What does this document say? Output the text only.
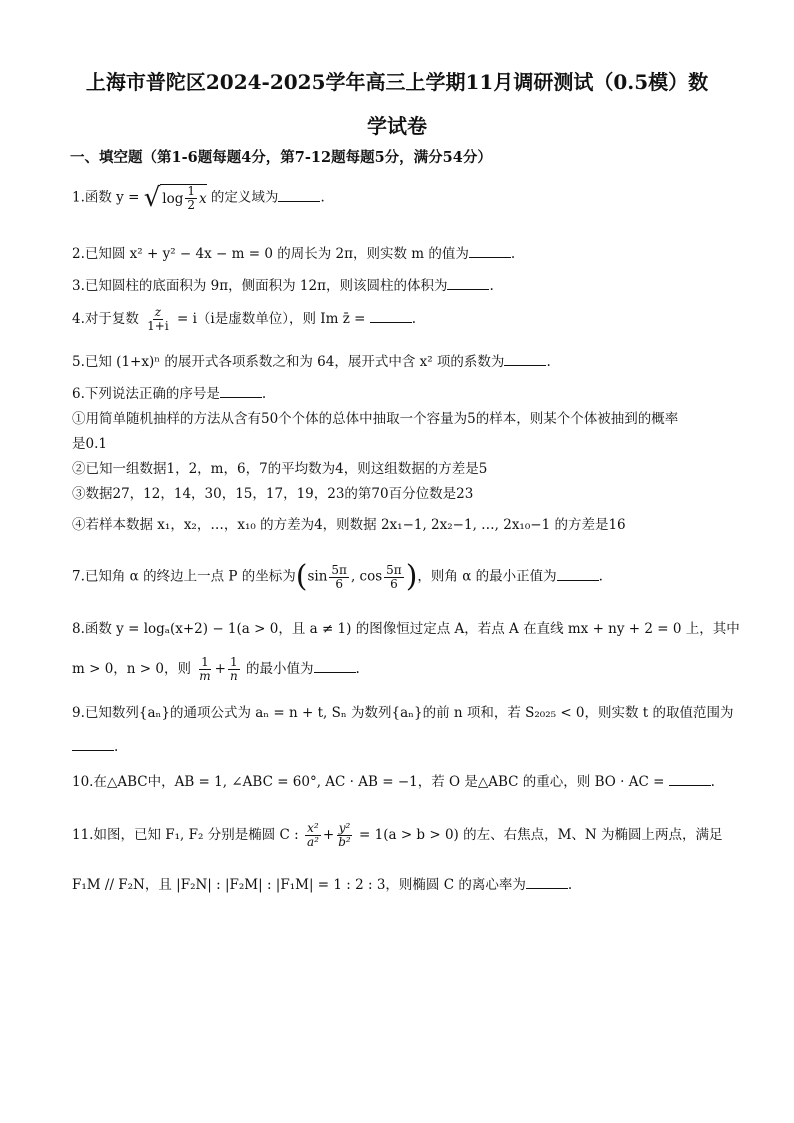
上海市普陀区2024-2025学年高三上学期11月调研测试（0.5模）数
学试卷
一、填空题（第1-6题每题4分，第7-12题每题5分，满分54分）
1.函数 y = √ $\log \frac{1}{2}$ x 的定义域为	.
2.已知圆 x² + y² − 4x − m = 0 的周长为 2π，则实数 m 的值为	.
3.已知圆柱的底面积为 9π，侧面积为 12π，则该圆柱的体积为	.
4.对于复数 $\frac{z}{1+i} = i(i$是虚数单位），则 Im z̄ =	.
5.已知 (1+x)ⁿ 的展开式各项系数之和为 64，展开式中含 x² 项的系数为	.
6.下列说法正确的序号是	.
①用简单随机抽样的方法从含有50个个体的总体中抽取一个容量为5的样本，则某个个体被抽到的概率
是0.1
②已知一组数据1，2，m，6，7的平均数为4，则这组数据的方差是5
③数据27，12，14，30，15，17，19，23的第70百分位数是23
④若样本数据 x₁，x₂，…，x₁₀ 的方差为4，则数据 2x₁−1, 2x₂−1, …, 2x₁₀−1 的方差是16
7.已知角 α 的终边上一点 P 的坐标为($\sin \frac{5\pi}{6}$ , $\cos \frac{5\pi}{6}$ )，则角 α 的最小正值为	.
8.函数 y = logₐ(x+2) − 1(a > 0，且 a ≠ 1) 的图像恒过定点 A，若点 A 在直线 mx + ny + 2 = 0 上，其中
m > 0，n > 0，则 $\frac{1}{m} + \frac{1}{n}$ 的最小值为	.
9.已知数列{aₙ}的通项公式为 aₙ = n + t, Sₙ 为数列{aₙ}的前 n 项和，若 S₂₀₂₅ < 0，则实数 t 的取值范围为
.
10.在△ABC中，AB = 1, ∠ABC = 60°, AC · AB = −1，若 O 是△ABC 的重心，则 BO · AC =	.
11.如图，已知 F₁, F₂ 分别是椭圆 C : $\frac{\text{x²}}{\text{a²}} + \frac{\text{y²}}{\text{b²}} = 1(a > b > 0)$ 的左、右焦点，M、N 为椭圆上两点，满足
F₁M // F₂N，且 |F₂N| : |F₂M| : |F₁M| = 1 : 2 : 3，则椭圆 C 的离心率为	.
